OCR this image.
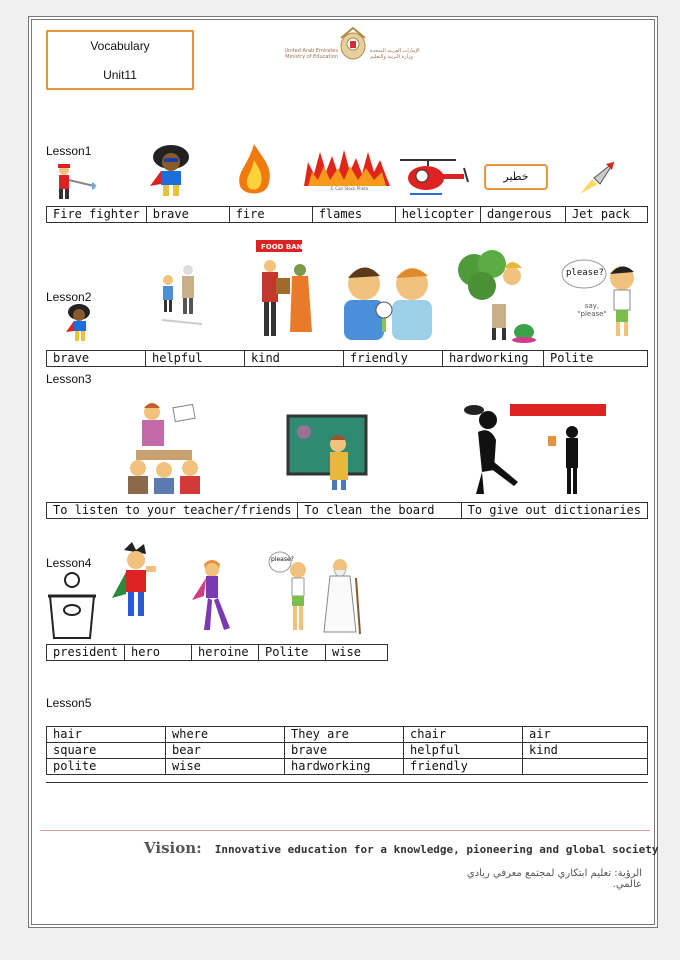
Vocabulary
Unit11
United Arab Emirates
Ministry of Education
الإمارات العربية المتحدة
وزارة التربية والتعليم
Lesson1
© Can Stock Photo
خطير
Fire fighter	brave	fire	flames	helicopter	dangerous	Jet pack
Lesson2
FOOD BANK
please?
say,
"please"
brave	helpful	kind	friendly	hardworking	Polite
Lesson3
To listen to your teacher/friends	To clean the board	To give out dictionaries
Lesson4	please?
president	hero	heroine	Polite	wise
Lesson5
hair	where	They are	chair	air
square	bear	brave	helpful	kind
polite	wise	hardworking	friendly	
Vision: Innovative education for a knowledge, pioneering and global society
الرؤية: تعليم ابتكاري لمجتمع معرفي ريادي عالمي.
